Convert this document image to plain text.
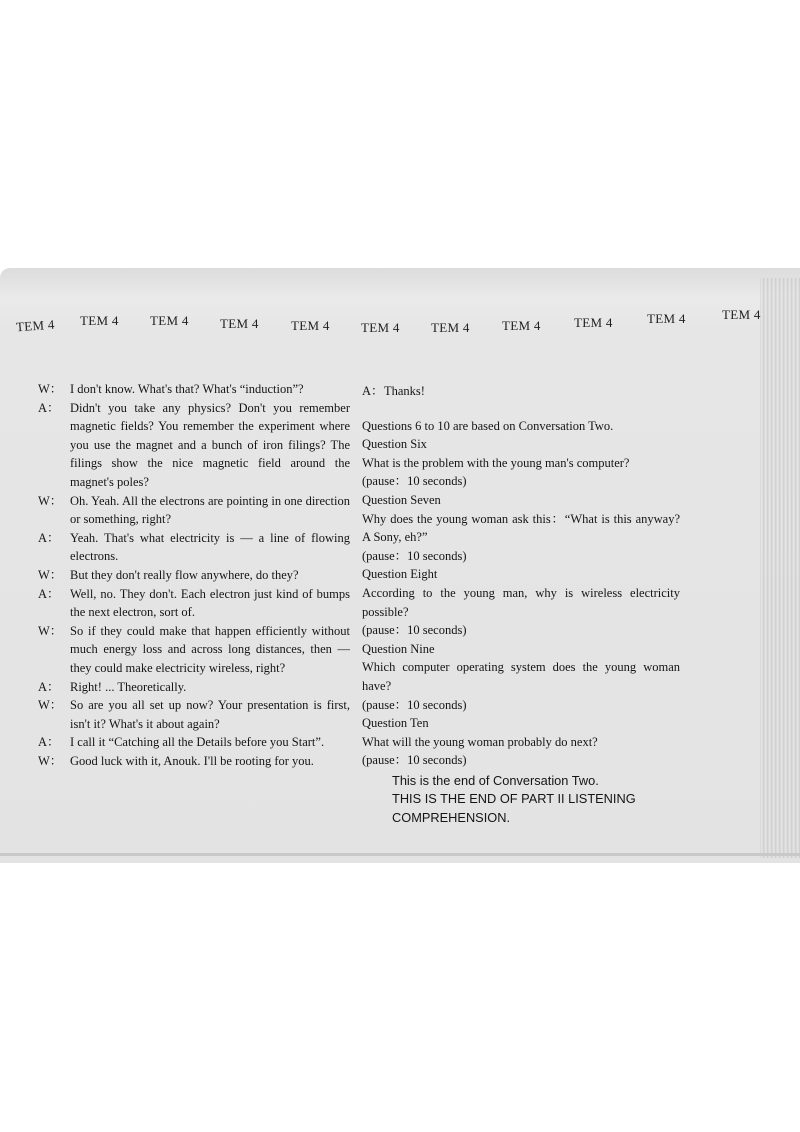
TEM 4 TEM 4 TEM 4 TEM 4 TEM 4 TEM 4 TEM 4 TEM 4	TEM 4	TEM 4	TEM 4
W： I don't know. What's that? What's “induction”?
A： Didn't you take any physics? Don't you remember magnetic fields? You remember the experiment where you use the magnet and a bunch of iron filings? The filings show the nice magnetic field around the magnet's poles?
W： Oh. Yeah. All the electrons are pointing in one direction or something, right?
A： Yeah. That's what electricity is — a line of flowing electrons.
W： But they don't really flow anywhere, do they?
A： Well, no. They don't. Each electron just kind of bumps the next electron, sort of.
W： So if they could make that happen efficiently without much energy loss and across long distances, then — they could make electricity wireless, right?
A： Right! ... Theoretically.
W： So are you all set up now? Your presentation is first, isn't it? What's it about again?
A： I call it “Catching all the Details before you Start”.
W： Good luck with it, Anouk. I'll be rooting for you.
A： Thanks!
Questions 6 to 10 are based on Conversation Two.
Question Six
What is the problem with the young man's computer?
(pause：10 seconds)
Question Seven
Why does the young woman ask this：“What is this anyway? A Sony, eh?”
(pause：10 seconds)
Question Eight
According to the young man, why is wireless electricity possible?
(pause：10 seconds)
Question Nine
Which computer operating system does the young woman have?
(pause：10 seconds)
Question Ten
What will the young woman probably do next?
(pause：10 seconds)
This is the end of Conversation Two.
THIS IS THE END OF PART II LISTENING COMPREHENSION.
